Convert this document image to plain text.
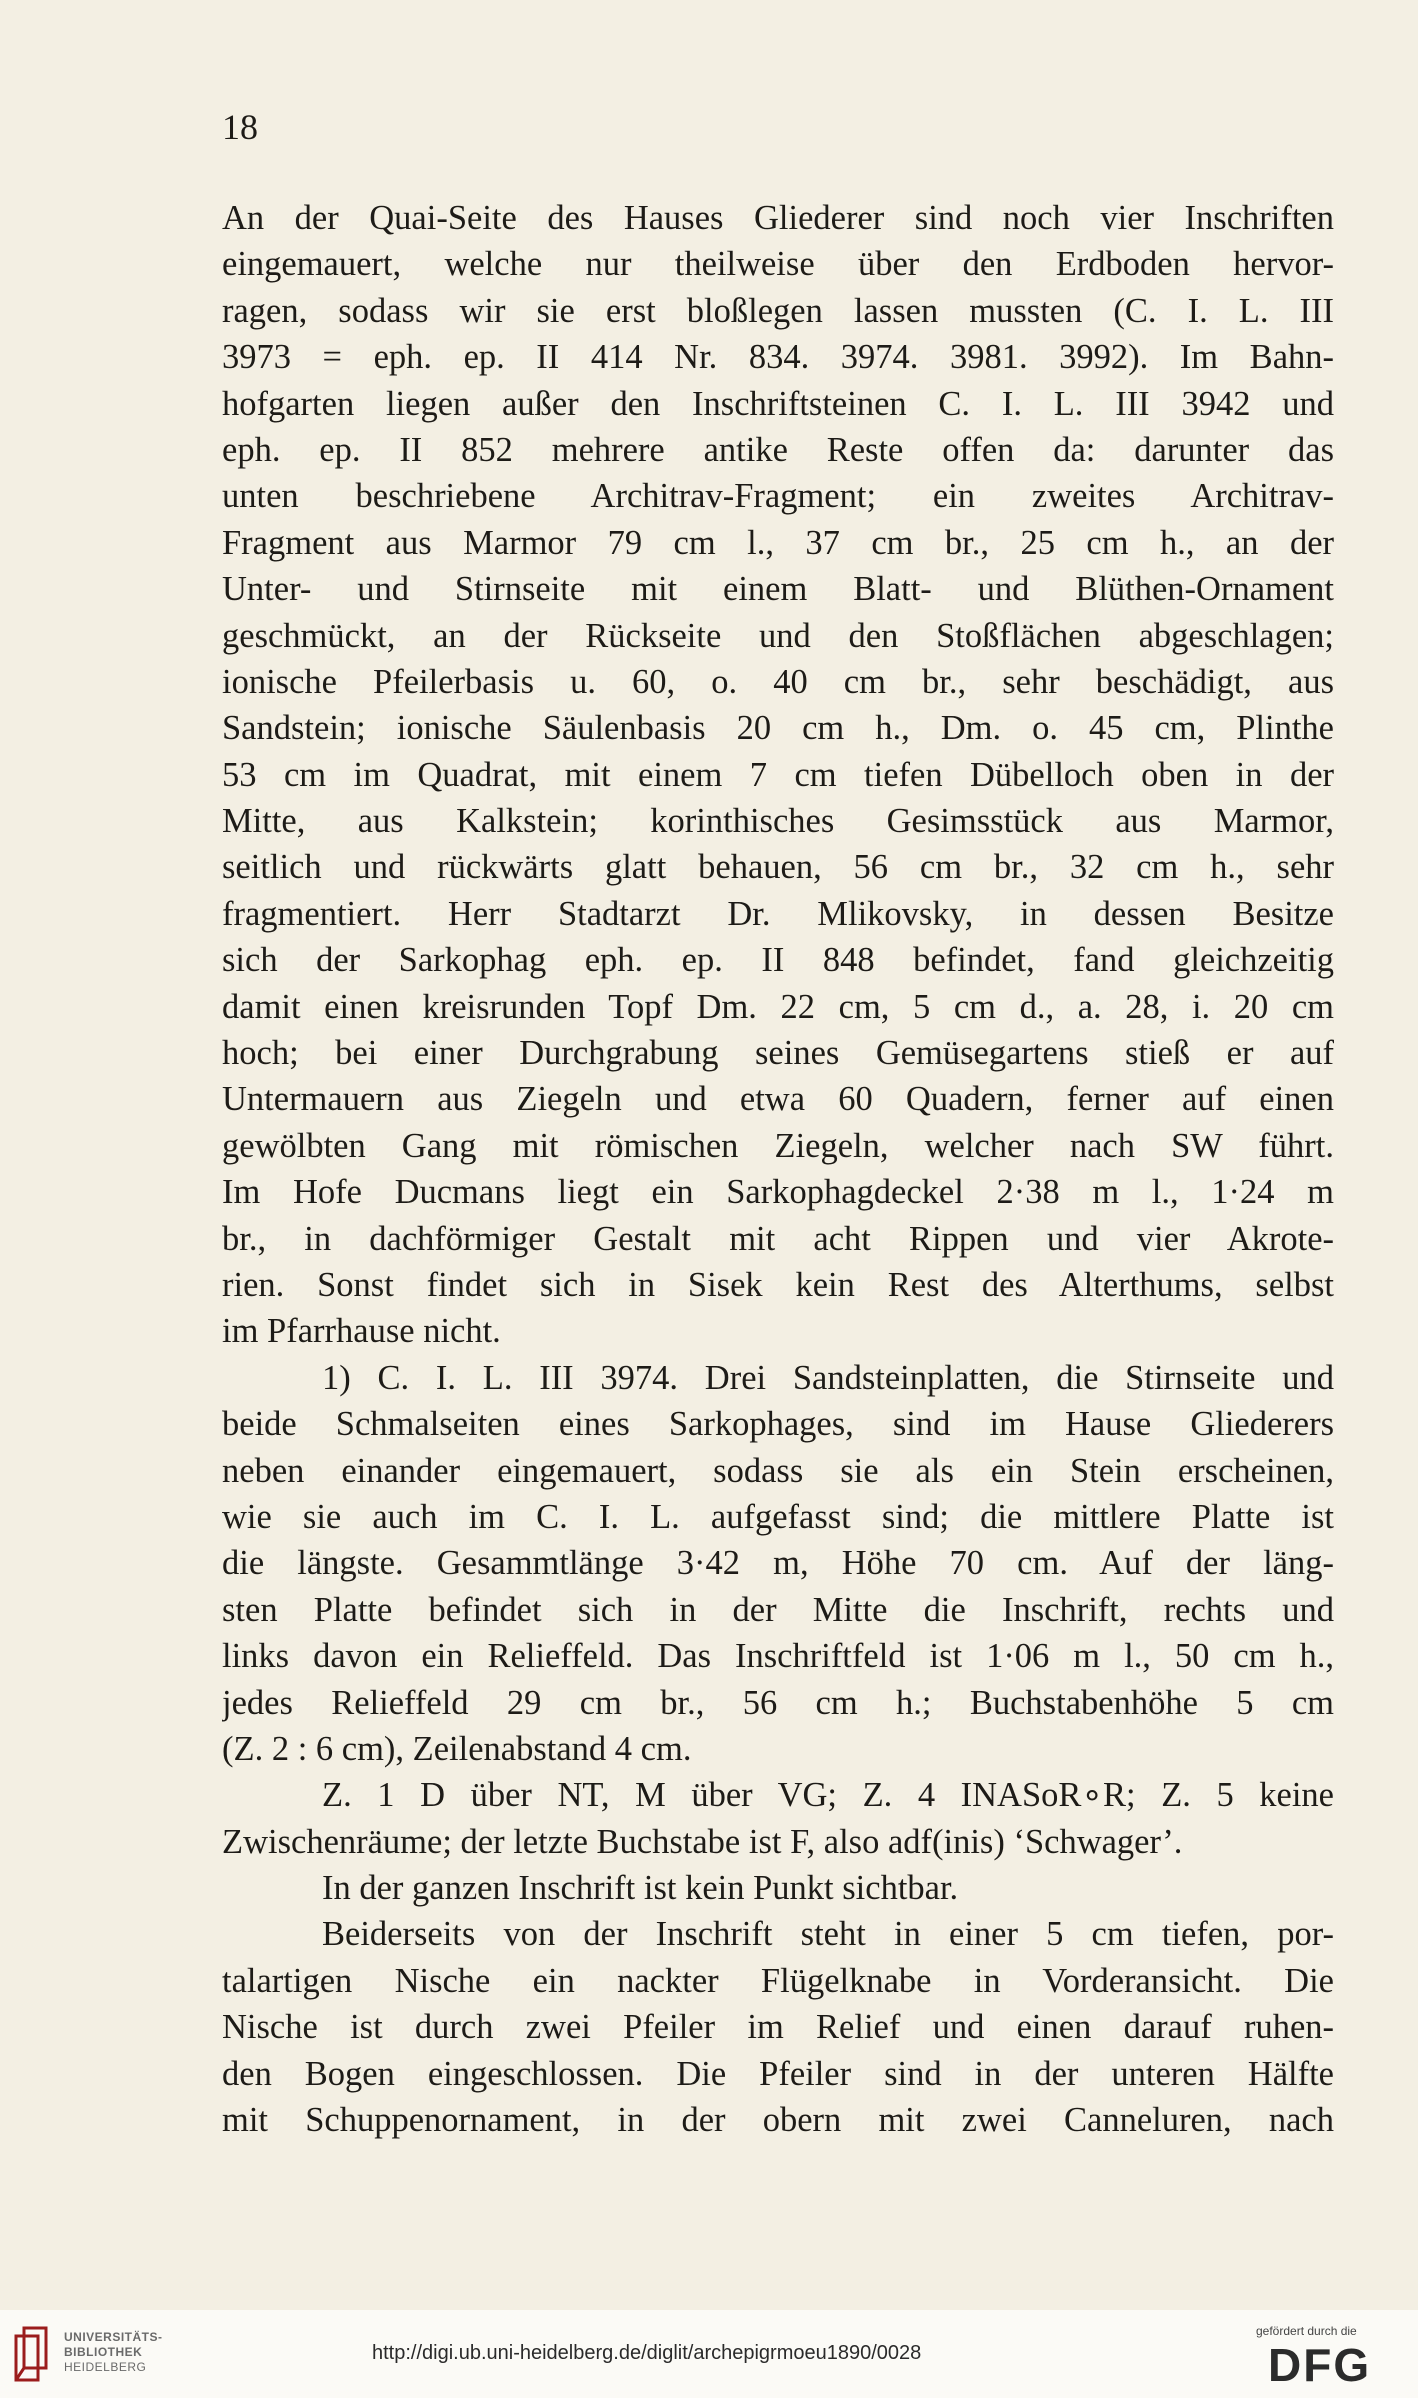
18
An der Quai-Seite des Hauses Gliederer sind noch vier Inschriften
eingemauert, welche nur theilweise über den Erdboden hervor-
ragen, sodass wir sie erst bloßlegen lassen mussten (C. I. L. III
3973 = eph. ep. II 414 Nr. 834. 3974. 3981. 3992). Im Bahn-
hofgarten liegen außer den Inschriftsteinen C. I. L. III 3942 und
eph. ep. II 852 mehrere antike Reste offen da: darunter das
unten beschriebene Architrav-Fragment; ein zweites Architrav-
Fragment aus Marmor 79 cm l., 37 cm br., 25 cm h., an der
Unter- und Stirnseite mit einem Blatt- und Blüthen-Ornament
geschmückt, an der Rückseite und den Stoßflächen abgeschlagen;
ionische Pfeilerbasis u. 60, o. 40 cm br., sehr beschädigt, aus
Sandstein; ionische Säulenbasis 20 cm h., Dm. o. 45 cm, Plinthe
53 cm im Quadrat, mit einem 7 cm tiefen Dübelloch oben in der
Mitte, aus Kalkstein; korinthisches Gesimsstück aus Marmor,
seitlich und rückwärts glatt behauen, 56 cm br., 32 cm h., sehr
fragmentiert. Herr Stadtarzt Dr. Mlikovsky, in dessen Besitze
sich der Sarkophag eph. ep. II 848 befindet, fand gleichzeitig
damit einen kreisrunden Topf Dm. 22 cm, 5 cm d., a. 28, i. 20 cm
hoch; bei einer Durchgrabung seines Gemüsegartens stieß er auf
Untermauern aus Ziegeln und etwa 60 Quadern, ferner auf einen
gewölbten Gang mit römischen Ziegeln, welcher nach SW führt.
Im Hofe Ducmans liegt ein Sarkophagdeckel 2·38 m l., 1·24 m
br., in dachförmiger Gestalt mit acht Rippen und vier Akrote-
rien. Sonst findet sich in Sisek kein Rest des Alterthums, selbst
im Pfarrhause nicht.
1) C. I. L. III 3974. Drei Sandsteinplatten, die Stirnseite und
beide Schmalseiten eines Sarkophages, sind im Hause Gliederers
neben einander eingemauert, sodass sie als ein Stein erscheinen,
wie sie auch im C. I. L. aufgefasst sind; die mittlere Platte ist
die längste. Gesammtlänge 3·42 m, Höhe 70 cm. Auf der läng-
sten Platte befindet sich in der Mitte die Inschrift, rechts und
links davon ein Relieffeld. Das Inschriftfeld ist 1·06 m l., 50 cm h.,
jedes Relieffeld 29 cm br., 56 cm h.; Buchstabenhöhe 5 cm
(Z. 2 : 6 cm), Zeilenabstand 4 cm.
Z. 1 D über NT, M über VG; Z. 4 INASoR∘R; Z. 5 keine
Zwischenräume; der letzte Buchstabe ist F, also adf(inis) ‘Schwager’.
In der ganzen Inschrift ist kein Punkt sichtbar.
Beiderseits von der Inschrift steht in einer 5 cm tiefen, por-
talartigen Nische ein nackter Flügelknabe in Vorderansicht. Die
Nische ist durch zwei Pfeiler im Relief und einen darauf ruhen-
den Bogen eingeschlossen. Die Pfeiler sind in der unteren Hälfte
mit Schuppenornament, in der obern mit zwei Canneluren, nach
UNIVERSITÄTS-
BIBLIOTHEK
HEIDELBERG
http://digi.ub.uni-heidelberg.de/diglit/archepigrmoeu1890/0028
gefördert durch die
DFG
